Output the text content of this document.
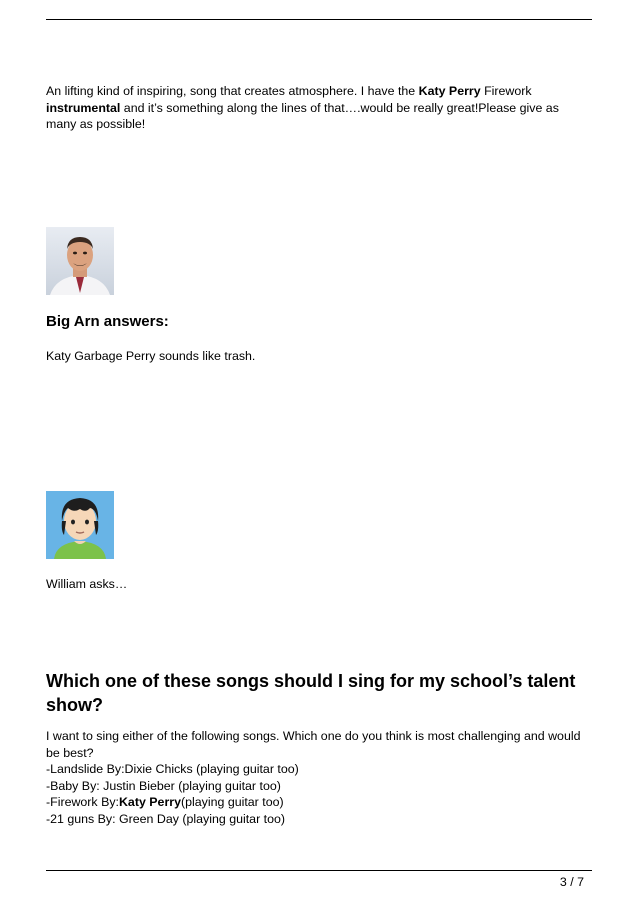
An lifting kind of inspiring, song that creates atmosphere. I have the Katy Perry Firework instrumental and it’s something along the lines of that….would be really great!Please give as many as possible!
Big Arn answers:
Katy Garbage Perry sounds like trash.
William asks…
Which one of these songs should I sing for my school’s talent show?
I want to sing either of the following songs. Which one do you think is most challenging and would be best?
-Landslide By:Dixie Chicks (playing guitar too)
-Baby By: Justin Bieber (playing guitar too)
-Firework By:Katy Perry(playing guitar too)
-21 guns By: Green Day (playing guitar too)
3 / 7
